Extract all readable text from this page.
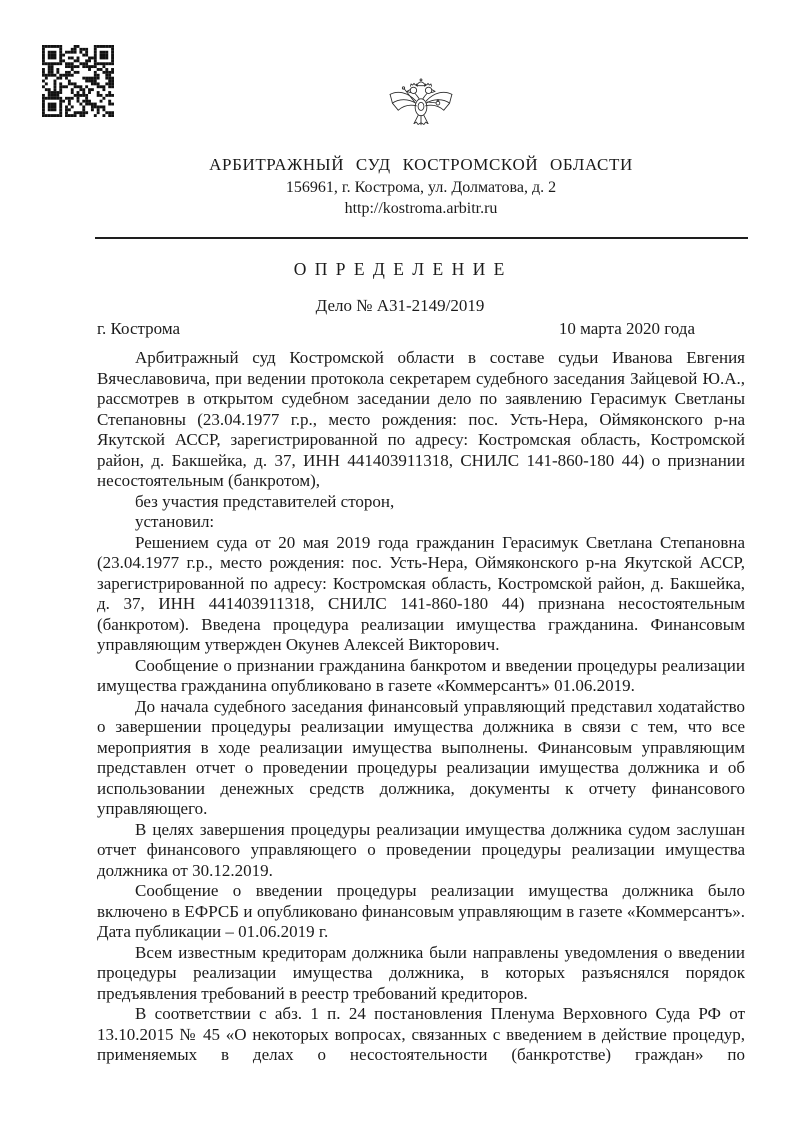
АРБИТРАЖНЫЙ СУД КОСТРОМСКОЙ ОБЛАСТИ
156961, г. Кострома, ул. Долматова, д. 2
http://kostroma.arbitr.ru
О П Р Е Д Е Л Е Н И Е
Дело № А31-2149/2019
г. Кострома	10 марта 2020 года

Арбитражный суд Костромской области в составе судьи Иванова Евгения Вячеславовича, при ведении протокола секретарем судебного заседания Зайцевой Ю.А., рассмотрев в открытом судебном заседании дело по заявлению Герасимук Светланы Степановны (23.04.1977 г.р., место рождения: пос. Усть-Нера, Оймяконского р-на Якутской АССР, зарегистрированной по адресу: Костромская область, Костромской район, д. Бакшейка, д. 37, ИНН 441403911318, СНИЛС 141-860-180 44) о признании несостоятельным (банкротом),

без участия представителей сторон,

установил:

Решением суда от 20 мая 2019 года гражданин Герасимук Светлана Степановна (23.04.1977 г.р., место рождения: пос. Усть-Нера, Оймяконского р-на Якутской АССР, зарегистрированной по адресу: Костромская область, Костромской район, д. Бакшейка, д. 37, ИНН 441403911318, СНИЛС 141-860-180 44) признана несостоятельным (банкротом). Введена процедура реализации имущества гражданина. Финансовым управляющим утвержден Окунев Алексей Викторович.

Сообщение о признании гражданина банкротом и введении процедуры реализации имущества гражданина опубликовано в газете «Коммерсантъ» 01.06.2019.

До начала судебного заседания финансовый управляющий представил ходатайство о завершении процедуры реализации имущества должника в связи с тем, что все мероприятия в ходе реализации имущества выполнены. Финансовым управляющим представлен отчет о проведении процедуры реализации имущества должника и об использовании денежных средств должника, документы к отчету финансового управляющего.

В целях завершения процедуры реализации имущества должника судом заслушан отчет финансового управляющего о проведении процедуры реализации имущества должника от 30.12.2019.

Сообщение о введении процедуры реализации имущества должника было включено в ЕФРСБ и опубликовано финансовым управляющим в газете «Коммерсантъ». Дата публикации – 01.06.2019 г.

Всем известным кредиторам должника были направлены уведомления о введении процедуры реализации имущества должника, в которых разъяснялся порядок предъявления требований в реестр требований кредиторов.

В соответствии с абз. 1 п. 24 постановления Пленума Верховного Суда РФ от 13.10.2015 № 45 «О некоторых вопросах, связанных с введением в действие процедур, применяемых в делах о несостоятельности (банкротстве) граждан» по
